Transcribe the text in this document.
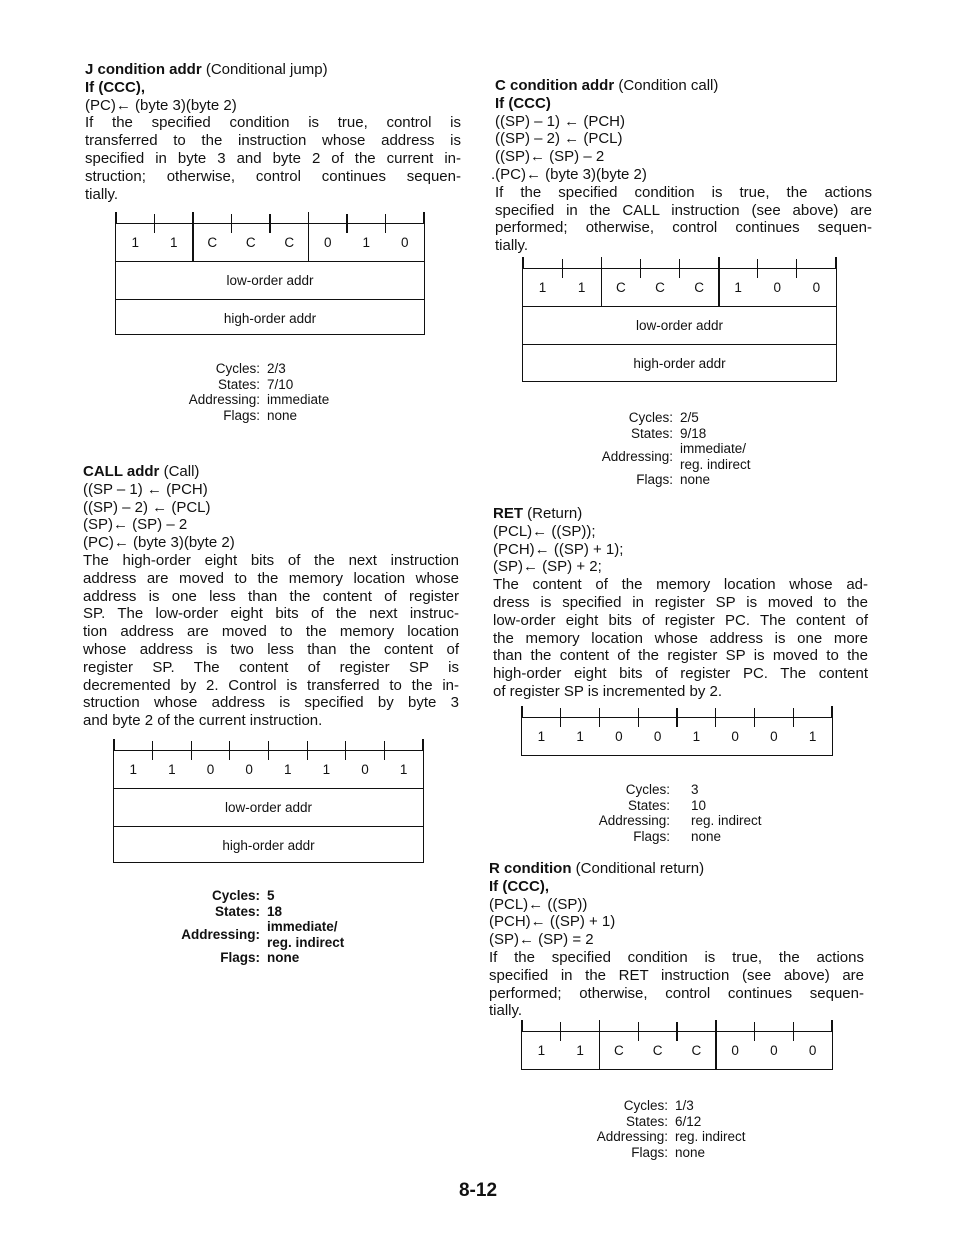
J condition addr (Conditional jump)
If (CCC),
(PC)← (byte 3)(byte 2)
If the specified condition is true, control is
transferred to the instruction whose address is
specified in byte 3 and byte 2 of the current in-
struction; otherwise, control continues sequen-
tially.
1	1	C	C	C	0	1	0
low-order addr
high-order addr
Cycles:	2/3
States:	7/10
Addressing:	immediate
Flags:	none
CALL addr (Call)
((SP – 1) ← (PCH)
((SP) – 2) ← (PCL)
(SP)← (SP) – 2
(PC)← (byte 3)(byte 2)
The high-order eight bits of the next instruction
address are moved to the memory location whose
address is one less than the content of register
SP. The low-order eight bits of the next instruc-
tion address are moved to the memory location
whose address is two less than the content of
register SP. The content of register SP is
decremented by 2. Control is transferred to the in-
struction whose address is specified by byte 3
and byte 2 of the current instruction.
1	1	0	0	1	1	0	1
low-order addr
high-order addr
Cycles:	5
States:	18
Addressing:	immediate/
reg. indirect

Flags:	none
C condition addr (Condition call)
If (CCC)
((SP) – 1) ← (PCH)
((SP) – 2) ← (PCL)
((SP)← (SP) – 2
.(PC)← (byte 3)(byte 2)
If the specified condition is true, the actions
specified in the CALL instruction (see above) are
performed; otherwise, control continues sequen-
tially.
1	1	C	C	C	1	0	0
low-order addr
high-order addr
Cycles:	2/5
States:	9/18
Addressing:	immediate/
reg. indirect

Flags:	none
RET (Return)
(PCL)← ((SP));
(PCH)← ((SP) + 1);
(SP)← (SP) + 2;
The content of the memory location whose ad-
dress is specified in register SP is moved to the
low-order eight bits of register PC. The content of
the memory location whose address is one more
than the content of the register SP is moved to the
high-order eight bits of register PC. The content
of register SP is incremented by 2.
1	1	0	0	1	0	0	1
Cycles:	3
States:	10
Addressing:	reg. indirect
Flags:	none
R condition (Conditional return)
If (CCC),
(PCL)← ((SP))
(PCH)← ((SP) + 1)
(SP)← (SP) = 2
If the specified condition is true, the actions
specified in the RET instruction (see above) are
performed; otherwise, control continues sequen-
tially.
1	1	C	C	C	0	0	0
Cycles:	1/3
States:	6/12
Addressing:	reg. indirect
Flags:	none
8-12
